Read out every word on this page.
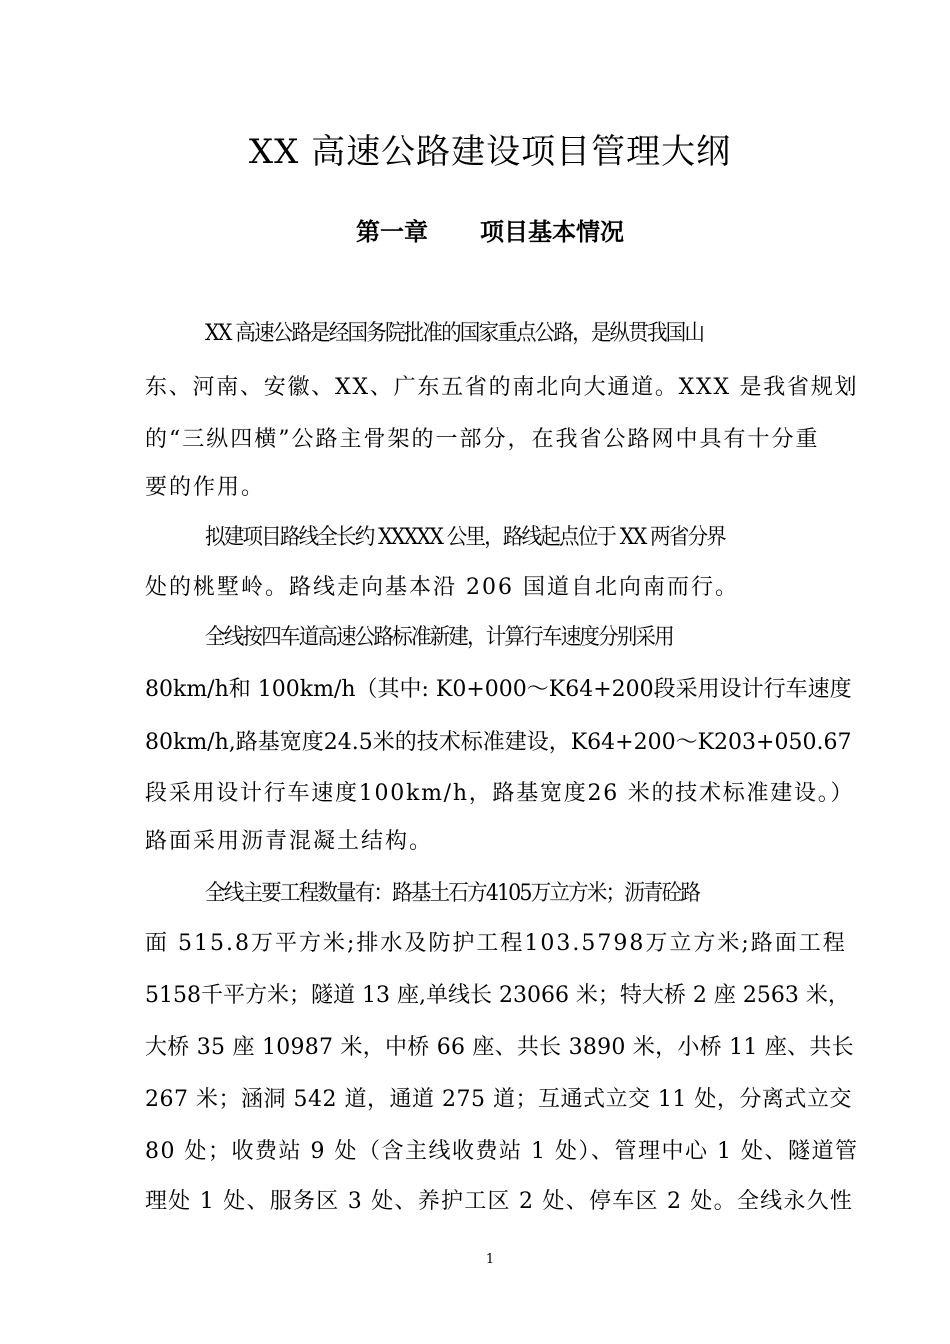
XX 高速公路建设项目管理大纲
第一章 项目基本情况
XX 高速公路是经国务院批准的国家重点公路，是纵贯我国山
东、河南、安徽、XX、广东五省的南北向大通道。XXX 是我省规划
的“三纵四横”公路主骨架的一部分，在我省公路网中具有十分重
要的作用。
拟建项目路线全长约 XXXXX 公里，路线起点位于 XX 两省分界
处的桃墅岭。路线走向基本沿 206 国道自北向南而行。
全线按四车道高速公路标准新建，计算行车速度分别采用
80km/h和 100km/h（其中: K0+000～K64+200段采用设计行车速度
80km/h,路基宽度24.5米的技术标准建设，K64+200～K203+050.67
段采用设计行车速度100km/h，路基宽度26 米的技术标准建设。）
路面采用沥青混凝土结构。
全线主要工程数量有：路基土石方4105万立方米；沥青砼路
面 515.8万平方米;排水及防护工程103.5798万立方米;路面工程
5158千平方米；隧道 13 座,单线长 23066 米；特大桥 2 座 2563 米，
大桥 35 座 10987 米，中桥 66 座、共长 3890 米，小桥 11 座、共长
267 米；涵洞 542 道，通道 275 道；互通式立交 11 处，分离式立交
80 处；收费站 9 处（含主线收费站 1 处）、管理中心 1 处、隧道管
理处 1 处、服务区 3 处、养护工区 2 处、停车区 2 处。全线永久性
1
